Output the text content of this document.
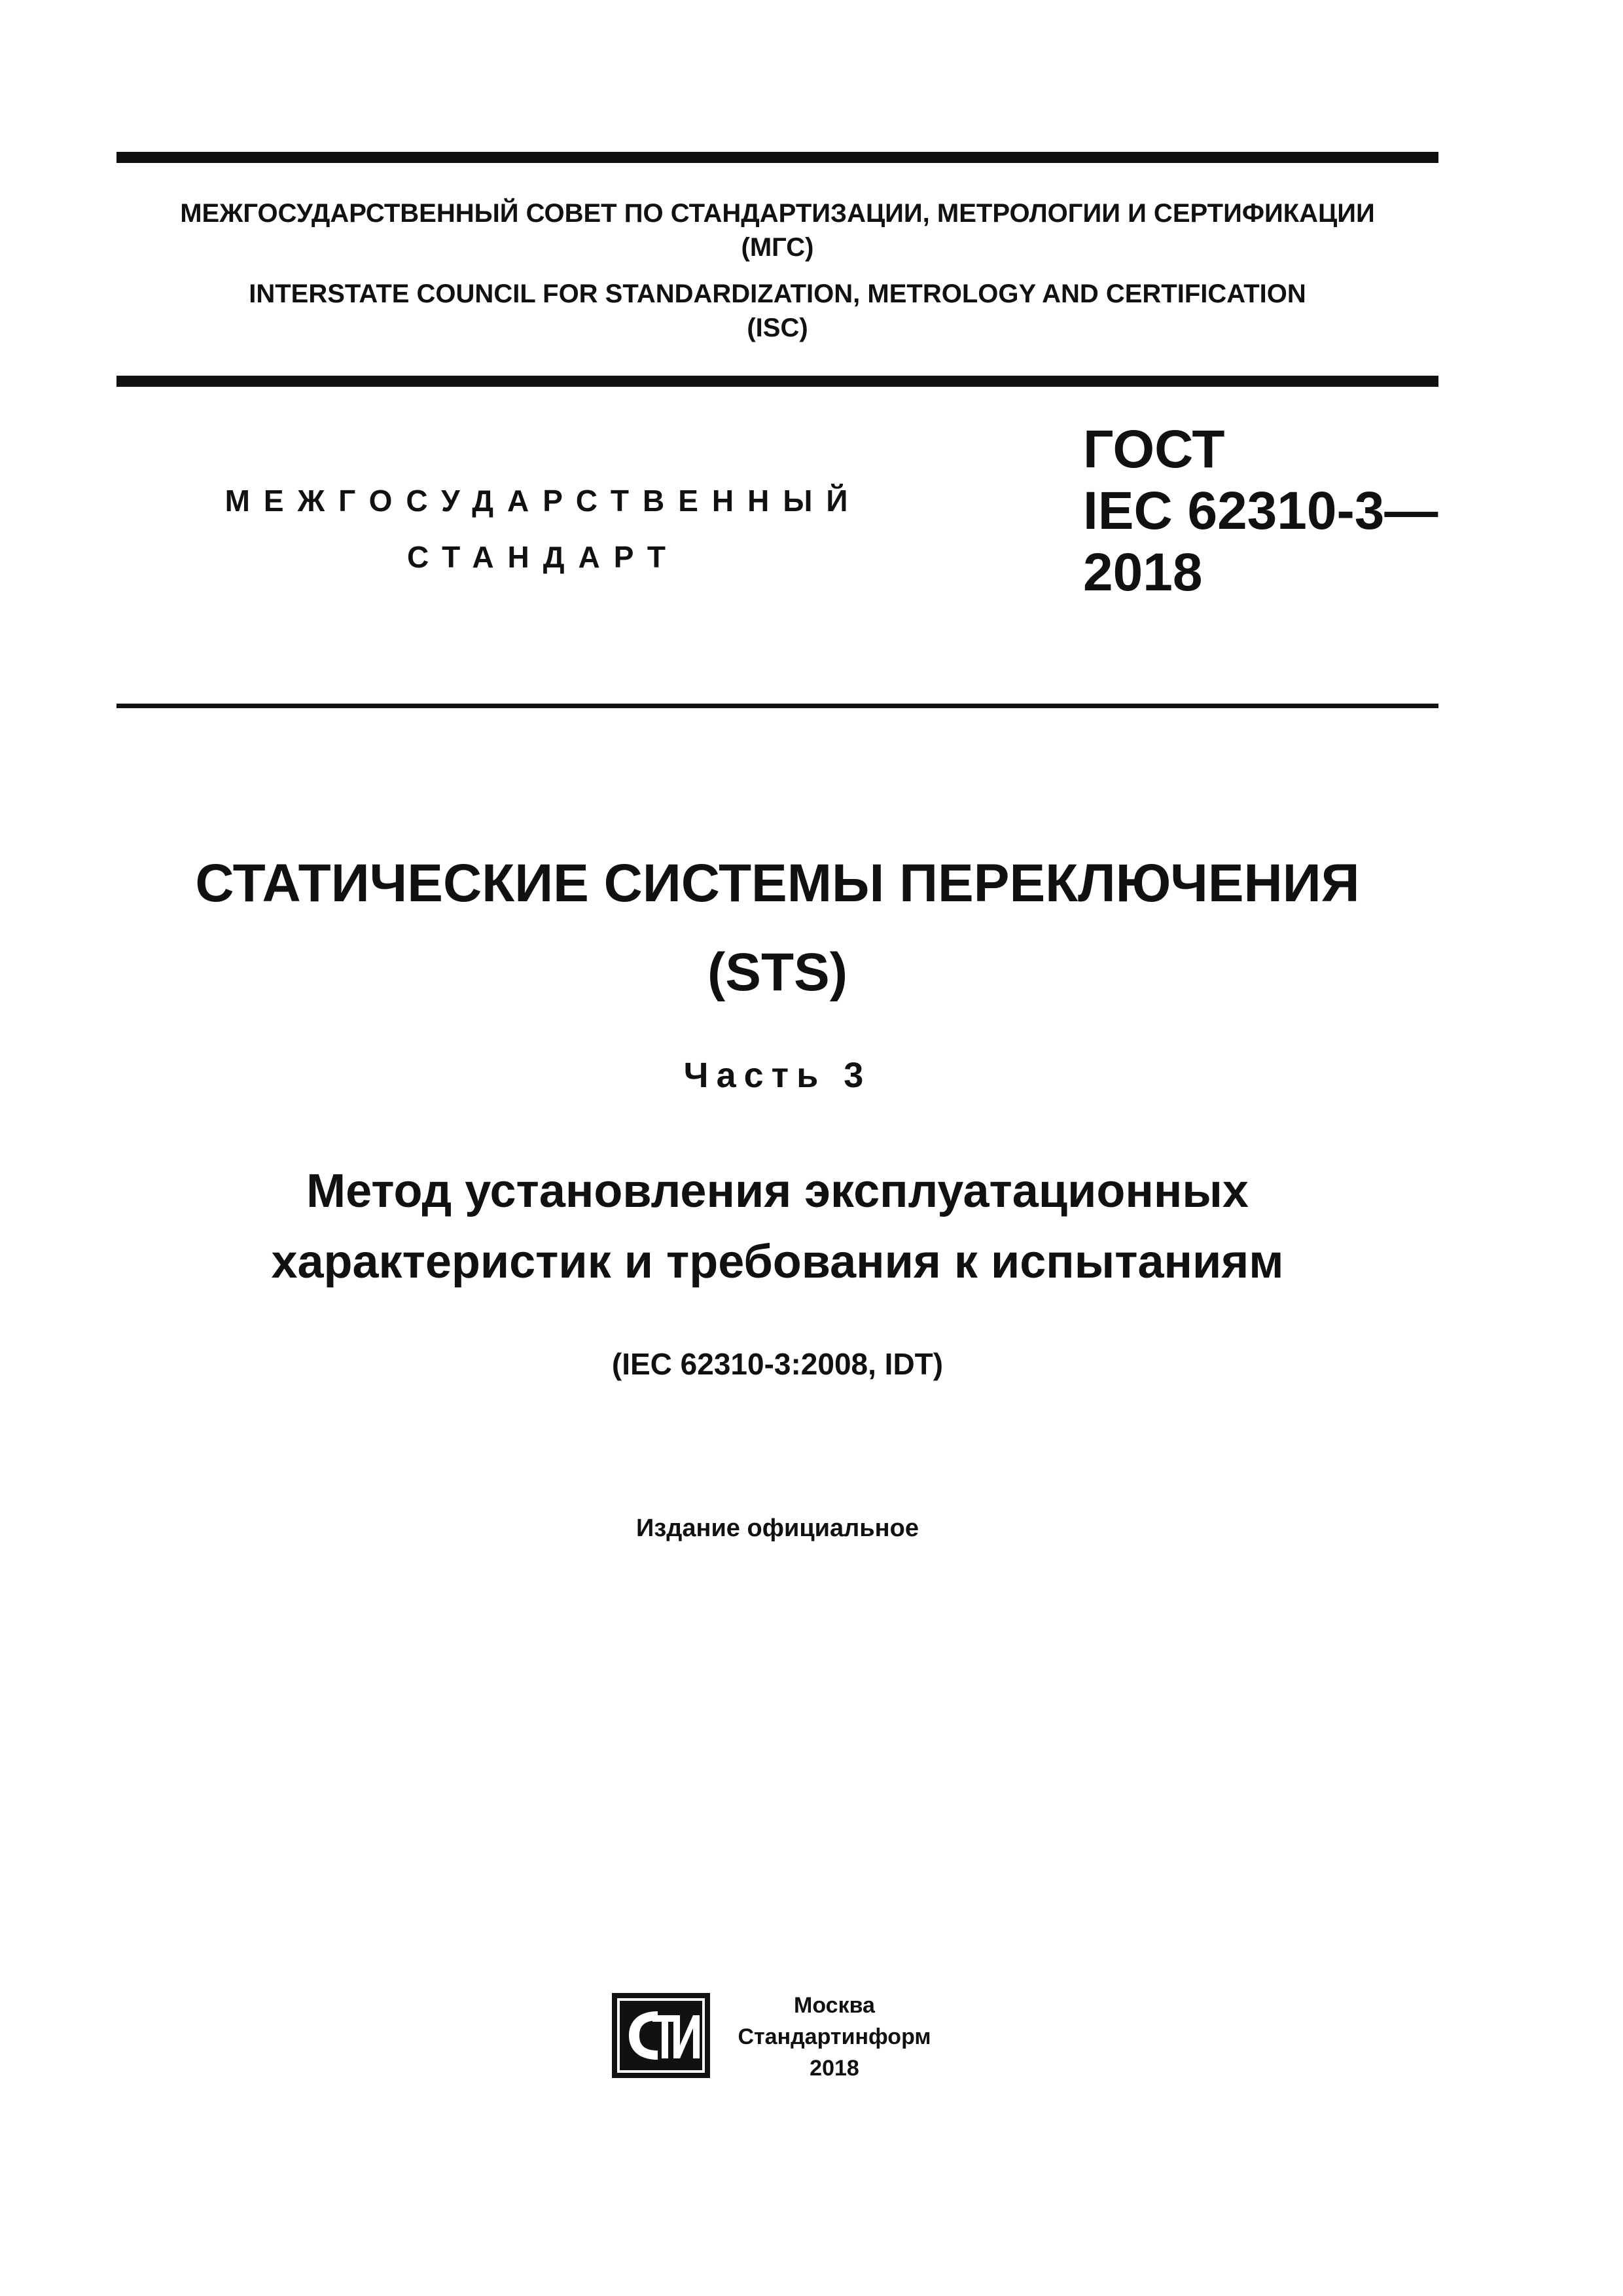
МЕЖГОСУДАРСТВЕННЫЙ СОВЕТ ПО СТАНДАРТИЗАЦИИ, МЕТРОЛОГИИ И СЕРТИФИКАЦИИ
(МГС)
INTERSTATE COUNCIL FOR STANDARDIZATION, METROLOGY AND CERTIFICATION
(ISC)
МЕЖГОСУДАРСТВЕННЫЙ
СТАНДАРТ
ГОСТ
IEC 62310-3—
2018
СТАТИЧЕСКИЕ СИСТЕМЫ ПЕРЕКЛЮЧЕНИЯ
(STS)
Часть 3
Метод установления эксплуатационных
характеристик и требования к испытаниям
(IEC 62310-3:2008, IDT)
Издание официальное
Москва
Стандартинформ
2018
